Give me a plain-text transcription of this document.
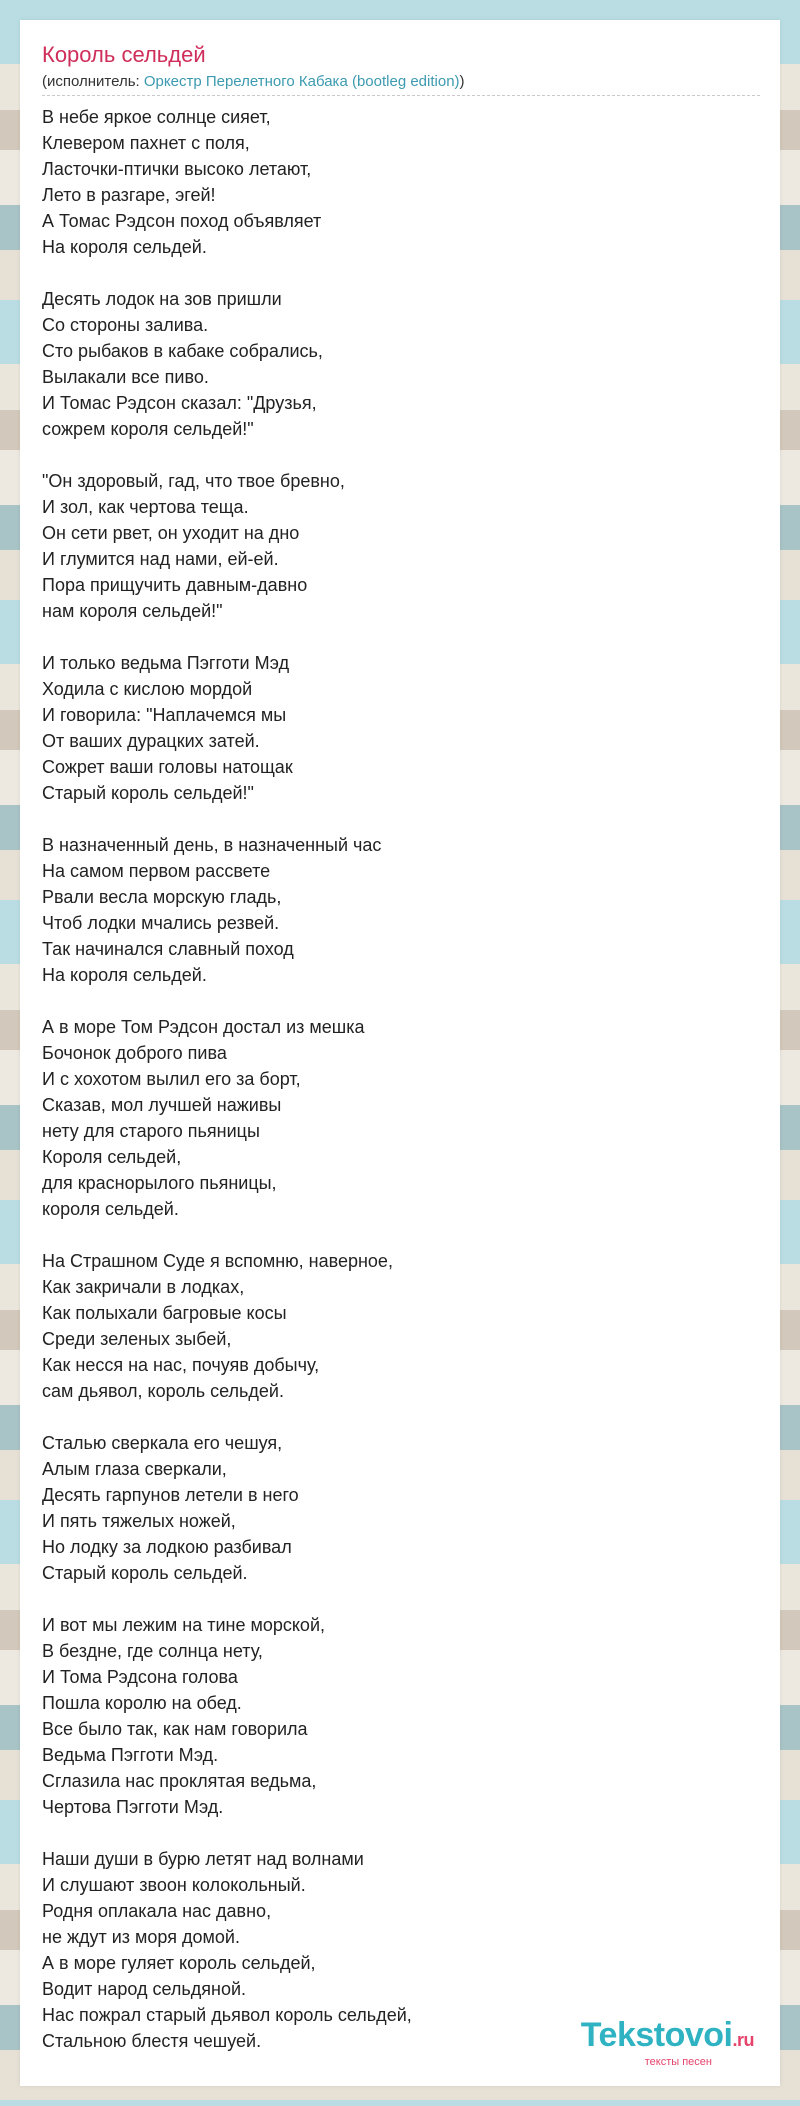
Король сельдей
(исполнитель: Оркестр Перелетного Кабака (bootleg edition))
В небе яркое солнце сияет,
Клевером пахнет с поля,
Ласточки-птички высоко летают,
Лето в разгаре, эгей!
А Томас Рэдсон поход объявляет
На короля сельдей.
Десять лодок на зов пришли
Со стороны залива.
Сто рыбаков в кабаке собрались,
Вылакали все пиво.
И Томас Рэдсон сказал: "Друзья,
сожрем короля сельдей!"
"Он здоровый, гад, что твое бревно,
И зол, как чертова теща.
Он сети рвет, он уходит на дно
И глумится над нами, ей-ей.
Пора прищучить давным-давно
нам короля сельдей!"
И только ведьма Пэгготи Мэд
Ходила с кислою мордой
И говорила: "Наплачемся мы
От ваших дурацких затей.
Сожрет ваши головы натощак
Старый король сельдей!"
В назначенный день, в назначенный час
На самом первом рассвете
Рвали весла морскую гладь,
Чтоб лодки мчались резвей.
Так начинался славный поход
На короля сельдей.
А в море Том Рэдсон достал из мешка
Бочонок доброго пива
И с хохотом вылил его за борт,
Сказав, мол лучшей наживы
нету для старого пьяницы
Короля сельдей,
для краснорылого пьяницы,
короля сельдей.
На Страшном Суде я вспомню, наверное,
Как закричали в лодках,
Как полыхали багровые косы
Среди зеленых зыбей,
Как несся на нас, почуяв добычу,
сам дьявол, король сельдей.
Сталью сверкала его чешуя,
Алым глаза сверкали,
Десять гарпунов летели в него
И пять тяжелых ножей,
Но лодку за лодкою разбивал
Старый король сельдей.
И вот мы лежим на тине морской,
В бездне, где солнца нету,
И Тома Рэдсона голова
Пошла королю на обед.
Все было так, как нам говорила
Ведьма Пэгготи Мэд.
Сглазила нас проклятая ведьма,
Чертова Пэгготи Мэд.
Наши души в бурю летят над волнами
И слушают звоон колокольный.
Родня оплакала нас давно,
не ждут из моря домой.
А в море гуляет король сельдей,
Водит народ сельдяной.
Нас пожрал старый дьявол король сельдей,
Стальною блестя чешуей.	Tekstovoi.ru
тексты песен
